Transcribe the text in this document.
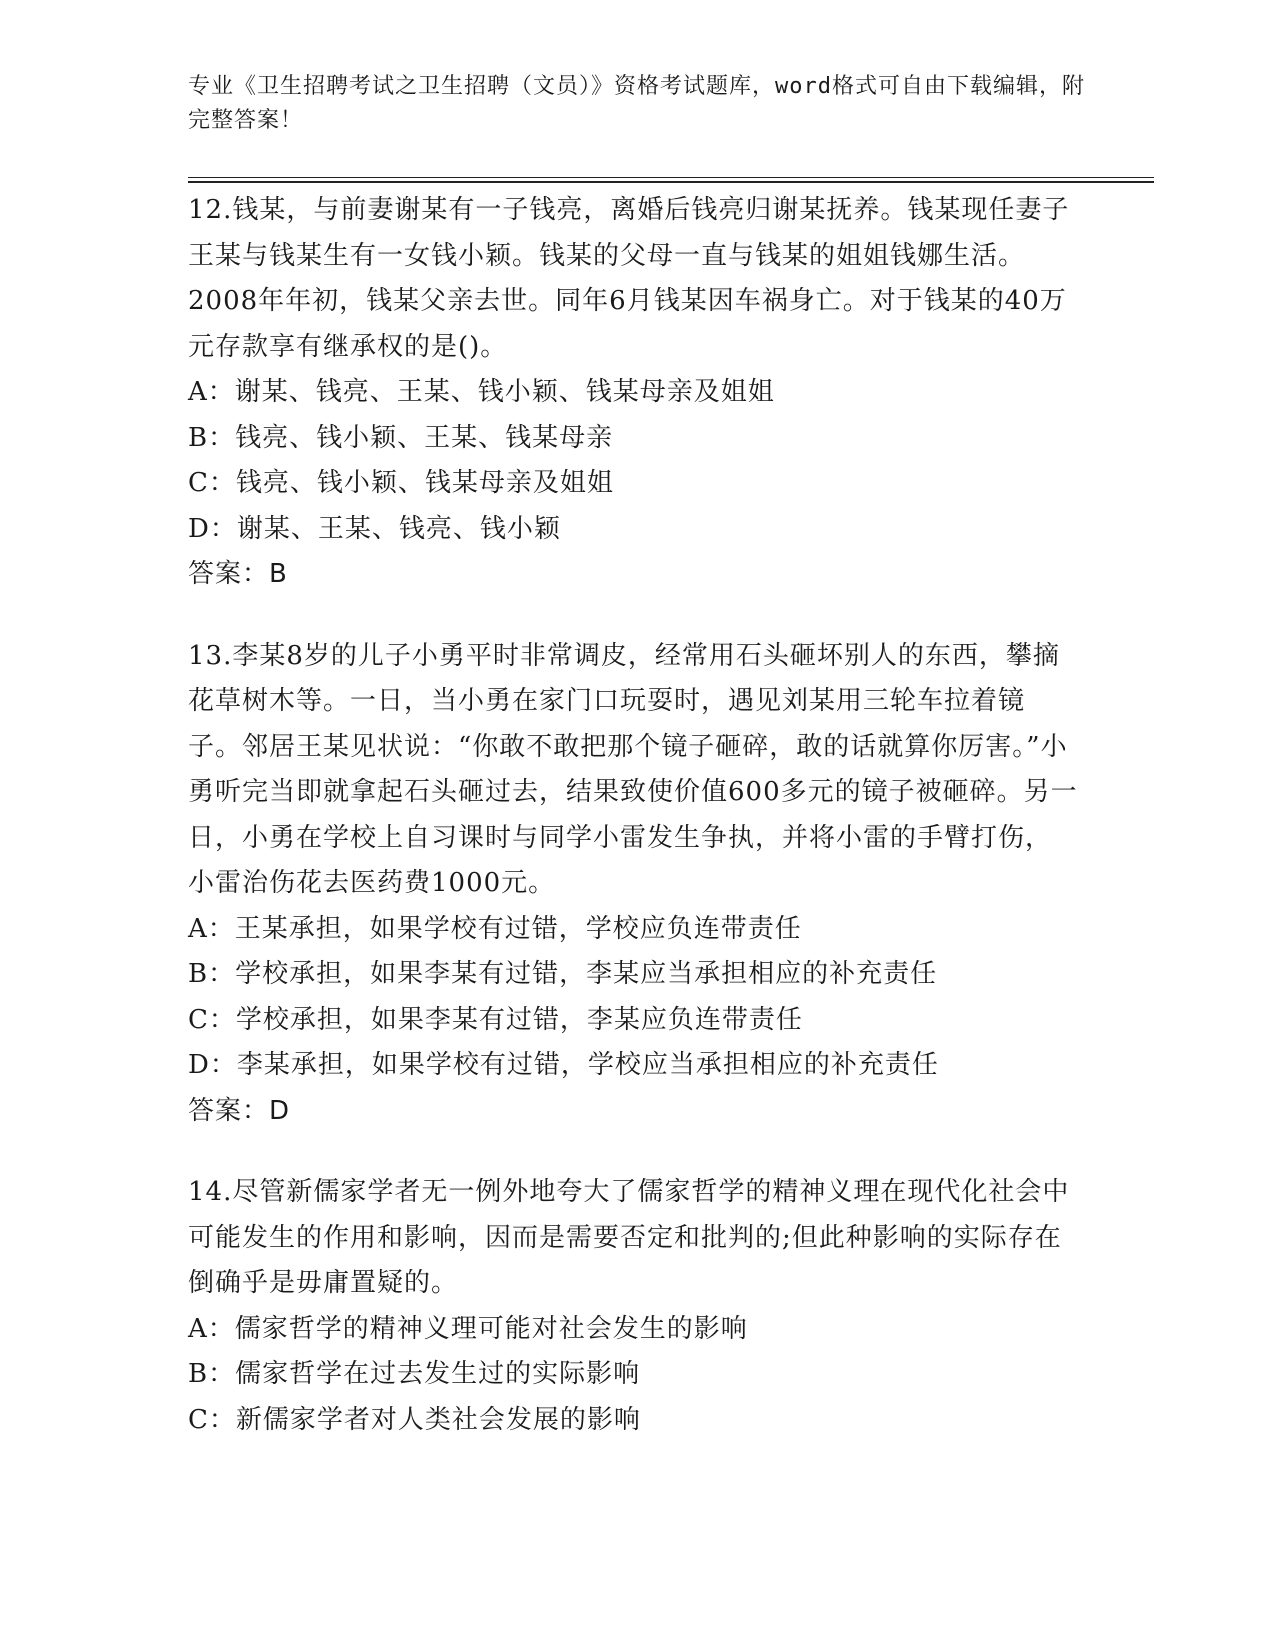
专业《卫生招聘考试之卫生招聘（文员）》资格考试题库，word格式可自由下载编辑，附完整答案！
12.钱某，与前妻谢某有一子钱亮，离婚后钱亮归谢某抚养。钱某现任妻子王某与钱某生有一女钱小颖。钱某的父母一直与钱某的姐姐钱娜生活。2008年年初，钱某父亲去世。同年6月钱某因车祸身亡。对于钱某的40万元存款享有继承权的是()。
A：谢某、钱亮、王某、钱小颖、钱某母亲及姐姐
B：钱亮、钱小颖、王某、钱某母亲
C：钱亮、钱小颖、钱某母亲及姐姐
D：谢某、王某、钱亮、钱小颖
答案：B
13.李某8岁的儿子小勇平时非常调皮，经常用石头砸坏别人的东西，攀摘花草树木等。一日，当小勇在家门口玩耍时，遇见刘某用三轮车拉着镜子。邻居王某见状说：“你敢不敢把那个镜子砸碎，敢的话就算你厉害。”小勇听完当即就拿起石头砸过去，结果致使价值600多元的镜子被砸碎。另一日，小勇在学校上自习课时与同学小雷发生争执，并将小雷的手臂打伤，小雷治伤花去医药费1000元。
A：王某承担，如果学校有过错，学校应负连带责任
B：学校承担，如果李某有过错，李某应当承担相应的补充责任
C：学校承担，如果李某有过错，李某应负连带责任
D：李某承担，如果学校有过错，学校应当承担相应的补充责任
答案：D
14.尽管新儒家学者无一例外地夸大了儒家哲学的精神义理在现代化社会中可能发生的作用和影响，因而是需要否定和批判的;但此种影响的实际存在倒确乎是毋庸置疑的。
A：儒家哲学的精神义理可能对社会发生的影响
B：儒家哲学在过去发生过的实际影响
C：新儒家学者对人类社会发展的影响
